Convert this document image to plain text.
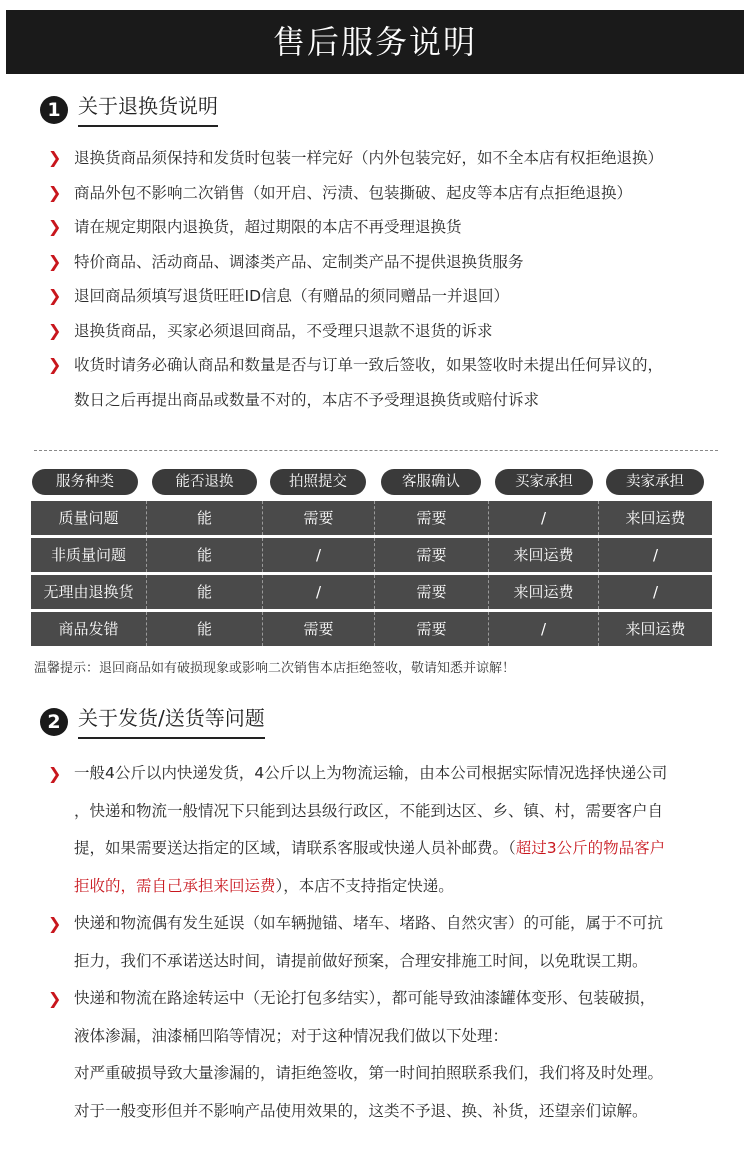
售后服务说明
1 关于退换货说明
❯ 退换货商品须保持和发货时包装一样完好（内外包装完好，如不全本店有权拒绝退换）
❯ 商品外包不影响二次销售（如开启、污渍、包装撕破、起皮等本店有点拒绝退换）
❯ 请在规定期限内退换货，超过期限的本店不再受理退换货
❯ 特价商品、活动商品、调漆类产品、定制类产品不提供退换货服务
❯ 退回商品须填写退货旺旺ID信息（有赠品的须同赠品一并退回）
❯ 退换货商品，买家必须退回商品，不受理只退款不退货的诉求
❯ 收货时请务必确认商品和数量是否与订单一致后签收，如果签收时未提出任何异议的，
数日之后再提出商品或数量不对的，本店不予受理退换货或赔付诉求
服务种类	能否退换	拍照提交	客服确认	买家承担	卖家承担
质量问题	能	需要	需要	/	来回运费
非质量问题	能	/	需要	来回运费	/
无理由退换货	能	/	需要	来回运费	/
商品发错	能	需要	需要	/	来回运费
温馨提示：退回商品如有破损现象或影响二次销售本店拒绝签收，敬请知悉并谅解！
2 关于发货/送货等问题
❯ 一般4公斤以内快递发货，4公斤以上为物流运输，由本公司根据实际情况选择快递公司
，快递和物流一般情况下只能到达县级行政区，不能到达区、乡、镇、村，需要客户自
提，如果需要送达指定的区域，请联系客服或快递人员补邮费。（超过3公斤的物品客户
拒收的，需自己承担来回运费），本店不支持指定快递。
❯ 快递和物流偶有发生延误（如车辆抛锚、堵车、堵路、自然灾害）的可能，属于不可抗
拒力，我们不承诺送达时间，请提前做好预案，合理安排施工时间，以免耽误工期。
❯ 快递和物流在路途转运中（无论打包多结实），都可能导致油漆罐体变形、包装破损，
液体渗漏，油漆桶凹陷等情况；对于这种情况我们做以下处理：
对严重破损导致大量渗漏的，请拒绝签收，第一时间拍照联系我们，我们将及时处理。
对于一般变形但并不影响产品使用效果的，这类不予退、换、补货，还望亲们谅解。
